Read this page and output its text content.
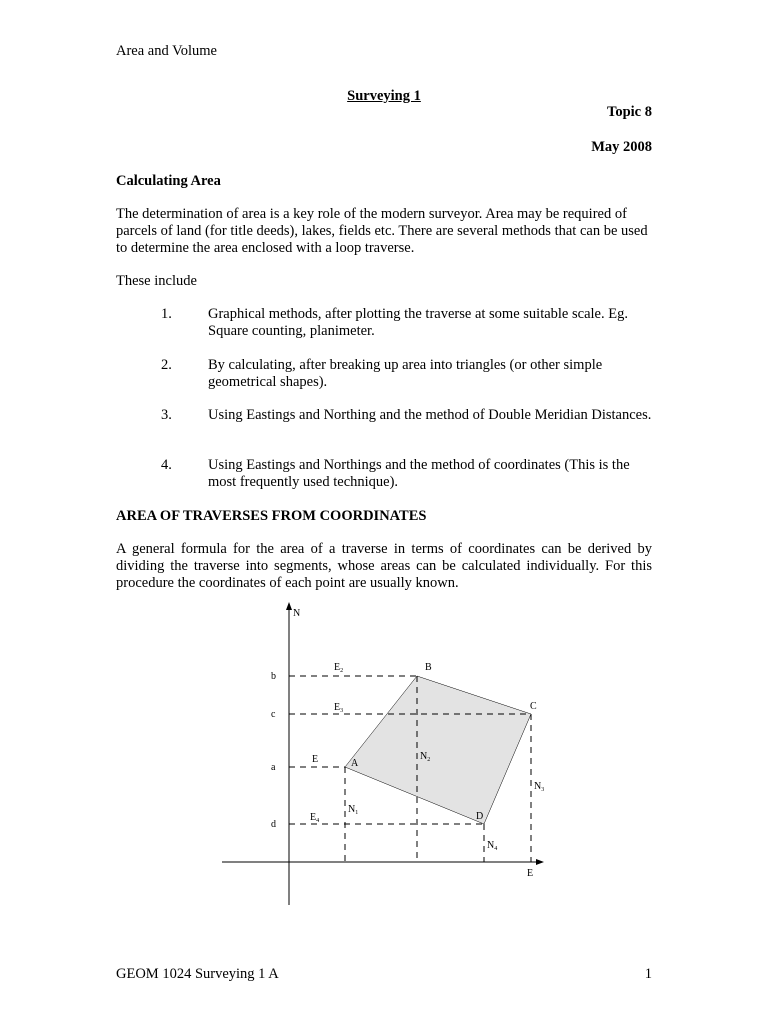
Area and Volume
Surveying 1
Topic 8
May 2008
Calculating Area
The determination of area is a key role of the modern surveyor. Area may be required of parcels of land (for title deeds), lakes, fields etc. There are several methods that can be used to determine the area enclosed with a loop traverse.
These include
1. Graphical methods, after plotting the traverse at some suitable scale. Eg. Square counting, planimeter.
2. By calculating, after breaking up area into triangles (or other simple geometrical shapes).
3. Using Eastings and Northing and the method of Double Meridian Distances.
4. Using Eastings and Northings and the method of coordinates (This is the most frequently used technique).
AREA OF TRAVERSES FROM COORDINATES
A general formula for the area of a traverse in terms of coordinates can be derived by dividing the traverse into segments, whose areas can be calculated individually. For this procedure the coordinates of each point are usually known.
N
E
b
c
a
d
$E_2$
$E_3$
E
$E_4$
A
B
C
D
$N_1$
$N_2$
$N_3$
$N_4$
GEOM 1024 Surveying 1 A	1
